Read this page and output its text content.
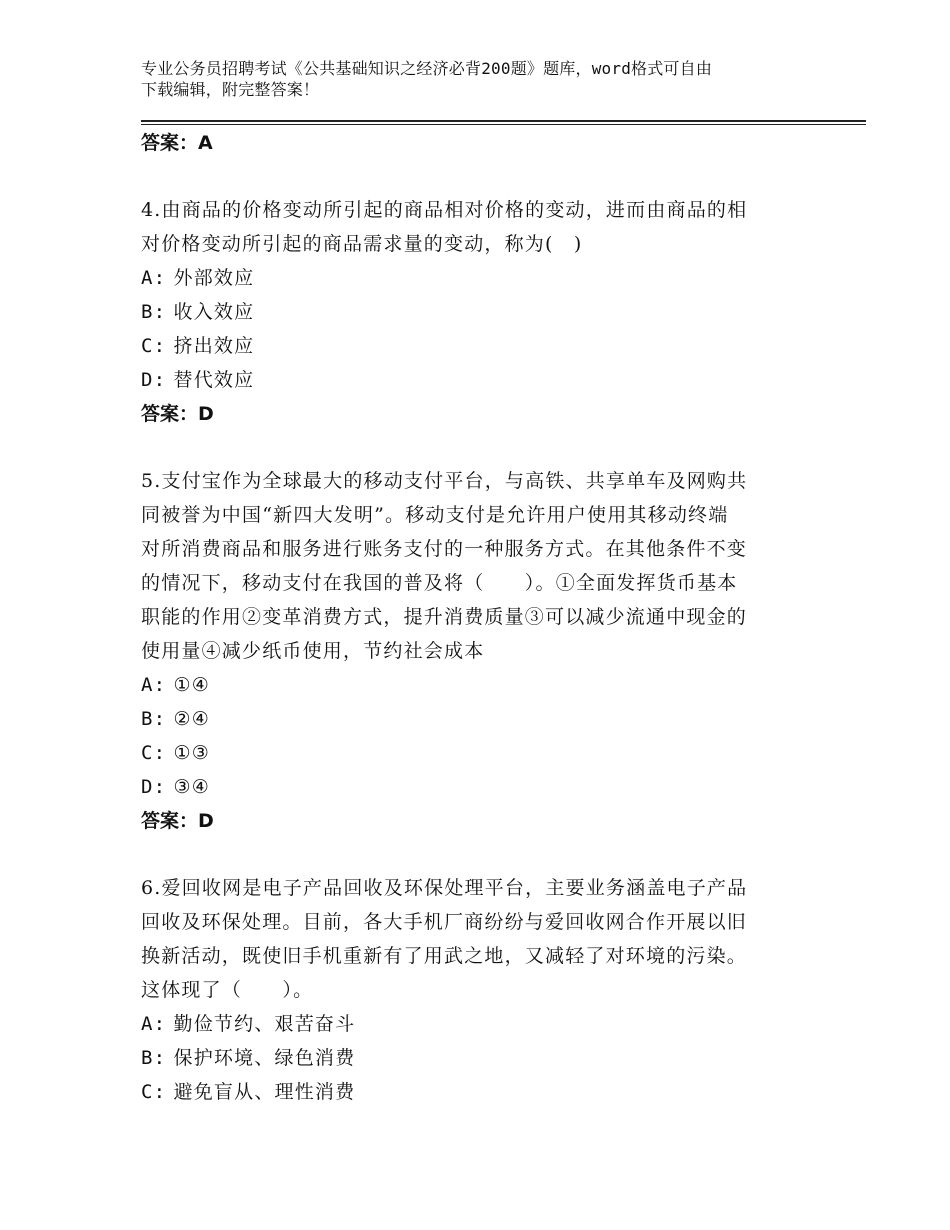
专业公务员招聘考试《公共基础知识之经济必背200题》题库，word格式可自由
下载编辑，附完整答案！
答案：A
4.由商品的价格变动所引起的商品相对价格的变动，进而由商品的相
对价格变动所引起的商品需求量的变动，称为(　)
A: 外部效应
B: 收入效应
C: 挤出效应
D: 替代效应
答案：D
5.支付宝作为全球最大的移动支付平台，与高铁、共享单车及网购共
同被誉为中国“新四大发明”。移动支付是允许用户使用其移动终端
对所消费商品和服务进行账务支付的一种服务方式。在其他条件不变
的情况下，移动支付在我国的普及将（　　）。①全面发挥货币基本
职能的作用②变革消费方式，提升消费质量③可以减少流通中现金的
使用量④减少纸币使用，节约社会成本
A: ①④
B: ②④
C: ①③
D: ③④
答案：D
6.爱回收网是电子产品回收及环保处理平台，主要业务涵盖电子产品
回收及环保处理。目前，各大手机厂商纷纷与爱回收网合作开展以旧
换新活动，既使旧手机重新有了用武之地，又减轻了对环境的污染。
这体现了（　　）。
A: 勤俭节约、艰苦奋斗
B: 保护环境、绿色消费
C: 避免盲从、理性消费
